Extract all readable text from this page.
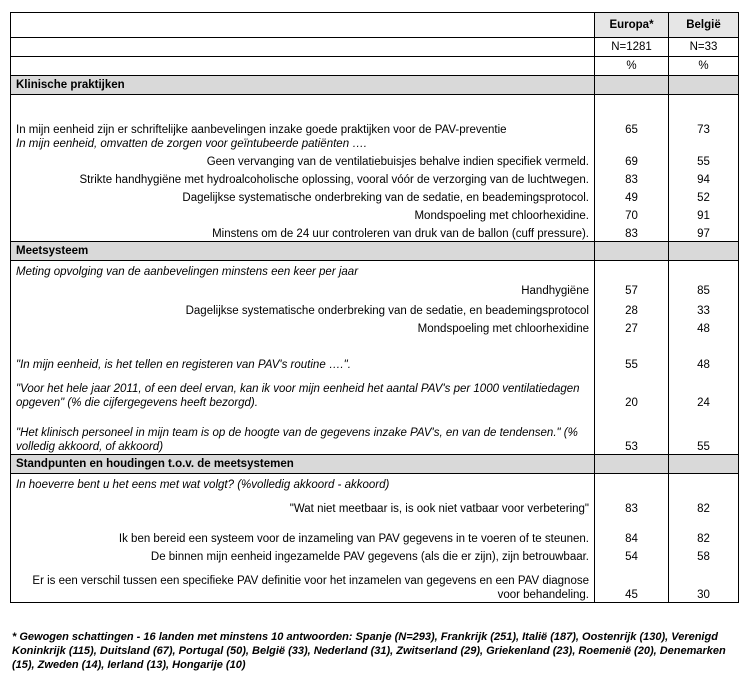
	Europa*	België
	N=1281	N=33
	%	%
Klinische praktijken		

In mijn eenheid zijn er schriftelijke aanbevelingen inzake goede praktijken voor de PAV-preventie	65	73
In mijn eenheid, omvatten de zorgen voor geïntubeerde patiënten ….		
Geen vervanging van de ventilatiebuisjes behalve indien specifiek vermeld.	69	55
Strikte handhygiëne met hydroalcoholische oplossing, vooral vóór de verzorging van de luchtwegen.	83	94
Dagelijkse systematische onderbreking van de sedatie, en beademingsprotocol.	49	52
Mondspoeling met chloorhexidine.	70	91
Minstens om de 24 uur controleren van druk van de ballon (cuff pressure).	83	97
Meetsysteem		
Meting opvolging van de aanbevelingen minstens een keer per jaar		
Handhygiëne	57	85
Dagelijkse systematische onderbreking van de sedatie, en beademingsprotocol	28	33
Mondspoeling met chloorhexidine	27	48

"In mijn eenheid, is het tellen en registeren van PAV's routine ….".	55	48

"Voor het hele jaar 2011, of een deel ervan, kan ik voor mijn eenheid het aantal PAV's per 1000 ventilatiedagen opgeven" (% die cijfergegevens heeft bezorgd).	20	24

"Het klinisch personeel in mijn team is op de hoogte van de gegevens inzake PAV's, en van de tendensen." (% volledig akkoord, of akkoord)	53	55
Standpunten en houdingen t.o.v. de meetsystemen		
In hoeverre bent u het eens met wat volgt? (%volledig akkoord - akkoord)		
"Wat niet meetbaar is, is ook niet vatbaar voor verbetering"	83	82

Ik ben bereid een systeem voor de inzameling van PAV gegevens in te voeren of te steunen.	84	82
De binnen mijn eenheid ingezamelde PAV gegevens (als die er zijn), zijn betrouwbaar.	54	58

Er is een verschil tussen een specifieke PAV definitie voor het inzamelen van gegevens en een PAV diagnose voor behandeling.	45	30
* Gewogen schattingen - 16 landen met minstens 10 antwoorden: Spanje (N=293), Frankrijk (251), Italië (187), Oostenrijk (130), Verenigd Koninkrijk (115), Duitsland (67), Portugal (50), België (33), Nederland (31), Zwitserland (29), Griekenland (23), Roemenië (20), Denemarken (15), Zweden (14), Ierland (13), Hongarije (10)
